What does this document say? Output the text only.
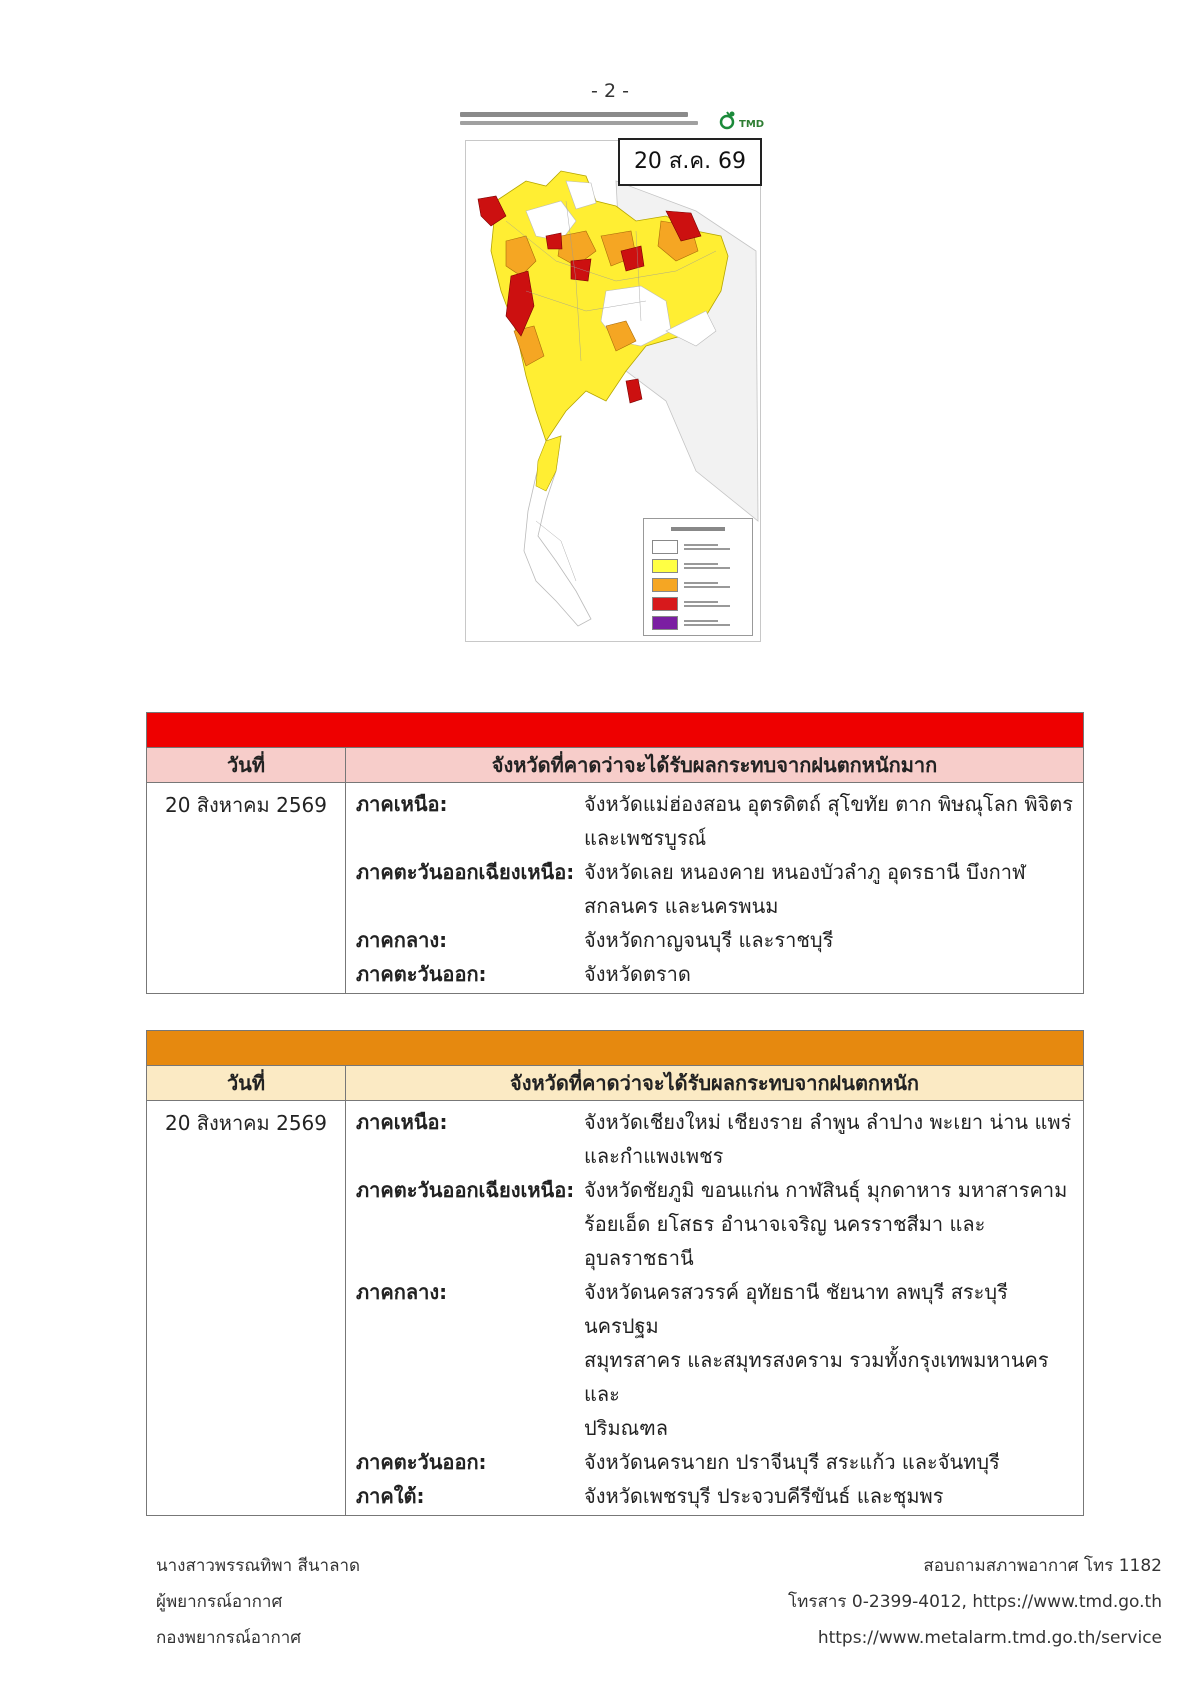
- 2 -
TMD
20 ส.ค. 69
วันที่	จังหวัดที่คาดว่าจะได้รับผลกระทบจากฝนตกหนักมาก
20 สิงหาคม 2569	ภาคเหนือ:	จังหวัดแม่ฮ่องสอน อุตรดิตถ์ สุโขทัย ตาก พิษณุโลก พิจิตร
และเพชรบูรณ์
ภาคตะวันออกเฉียงเหนือ: จังหวัดเลย หนองคาย หนองบัวลำภู อุดรธานี บึงกาฬ
สกลนคร และนครพนม
ภาคกลาง:	จังหวัดกาญจนบุรี และราชบุรี
ภาคตะวันออก:	จังหวัดตราด
วันที่	จังหวัดที่คาดว่าจะได้รับผลกระทบจากฝนตกหนัก
20 สิงหาคม 2569	ภาคเหนือ:	จังหวัดเชียงใหม่ เชียงราย ลำพูน ลำปาง พะเยา น่าน แพร่
และกำแพงเพชร
ภาคตะวันออกเฉียงเหนือ: จังหวัดชัยภูมิ ขอนแก่น กาฬสินธุ์ มุกดาหาร มหาสารคาม
ร้อยเอ็ด ยโสธร อำนาจเจริญ นครราชสีมา และอุบลราชธานี
ภาคกลาง:	จังหวัดนครสวรรค์ อุทัยธานี ชัยนาท ลพบุรี สระบุรี นครปฐม
สมุทรสาคร และสมุทรสงคราม รวมทั้งกรุงเทพมหานครและ
ปริมณฑล
ภาคตะวันออก:	จังหวัดนครนายก ปราจีนบุรี สระแก้ว และจันทบุรี
ภาคใต้:	จังหวัดเพชรบุรี ประจวบคีรีขันธ์ และชุมพร
นางสาวพรรณทิพา สีนาลาด
ผู้พยากรณ์อากาศ
กองพยากรณ์อากาศ
สอบถามสภาพอากาศ โทร 1182
โทรสาร 0-2399-4012, https://www.tmd.go.th
https://www.metalarm.tmd.go.th/service
